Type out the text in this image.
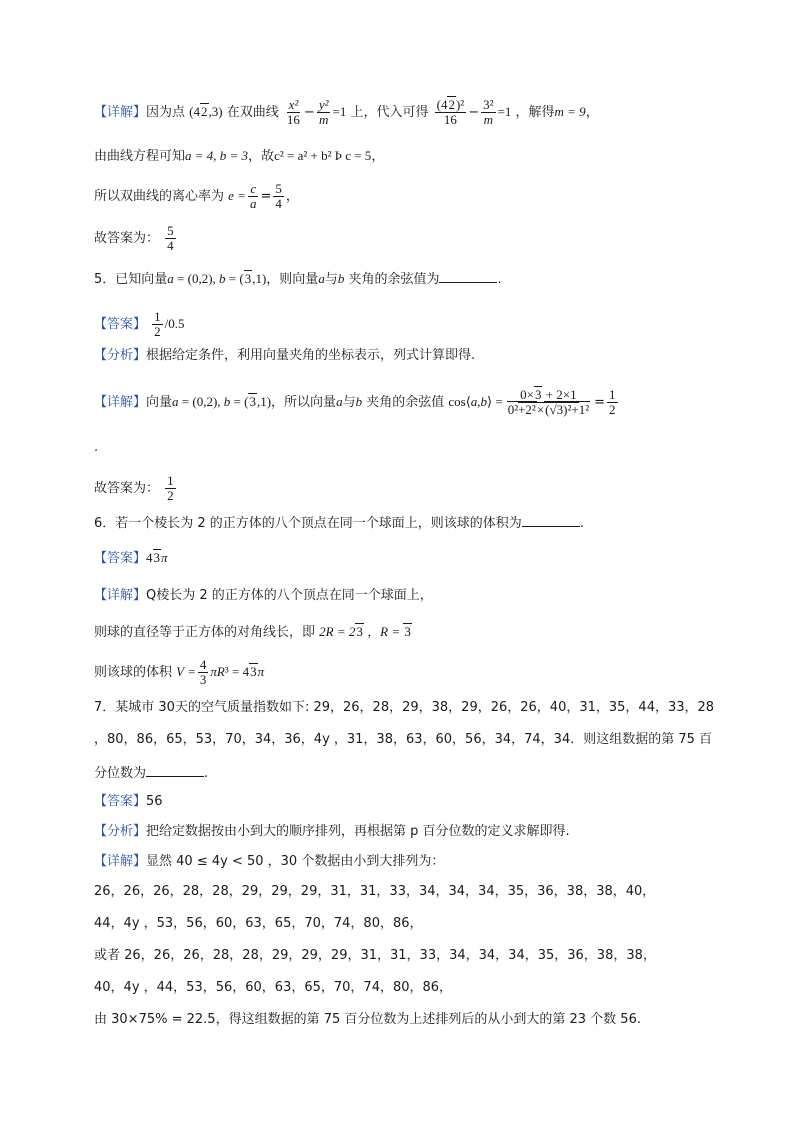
【详解】因为点 (42,3) 在双曲线 $\frac{\text{x²}}{16} - \frac{\text{y²}}{m} =1$ 上，代入可得 $\frac{\text{(42)²}}{16} - \frac{\text{3²}}{m} =1$ ，解得m = 9，
由曲线方程可知a = 4, b = 3，故c² = a² + b² Þ c = 5，
所以双曲线的离心率为 $e = \frac{c}{a} = \frac{5}{4}$ ，
故答案为： $\frac{5}{4}$
5．已知向量a = (0,2), b = (3,1)，则向量a与b 夹角的余弦值为	.
【答案】 $\frac{1}{2} /0.5$
【分析】根据给定条件，利用向量夹角的坐标表示，列式计算即得.
【详解】向量a = (0,2), b = (3,1)，所以向量a与b 夹角的余弦值 cos⟨a,b⟩ = $\frac{0\times 3 + 2\times 1}{\text{0²+2²×(√3)²+1²}} = \frac{1}{2}$
.
故答案为： $\frac{1}{2}$
6．若一个棱长为 2 的正方体的八个顶点在同一个球面上，则该球的体积为	.
【答案】43π
【详解】Q棱长为 2 的正方体的八个顶点在同一个球面上，
则球的直径等于正方体的对角线长，即 2R = 23 ，R = 3
则该球的体积 $V = \frac{4}{3} \pi R^3 = 43\pi$
7．某城市 30天的空气质量指数如下: 29，26，28，29，38，29，26，26，40，31，35，44，33，28
，80，86，65，53，70，34，36，4y ，31，38，63，60，56，34，74，34．则这组数据的第 75 百
分位数为	.
【答案】56
【分析】把给定数据按由小到大的顺序排列，再根据第 p 百分位数的定义求解即得.
【详解】显然 40 ≤ 4y < 50 ，30 个数据由小到大排列为：
26，26，26，28，28，29，29，29，31，31，33，34，34，34，35，36，38，38，40，
44，4y ，53，56，60，63，65，70，74，80，86，
或者 26，26，26，28，28，29，29，29，31，31，33，34，34，34，35，36，38，38，
40，4y ，44，53，56，60，63，65，70，74，80，86，
由 30×75% = 22.5，得这组数据的第 75 百分位数为上述排列后的从小到大的第 23 个数 56.
